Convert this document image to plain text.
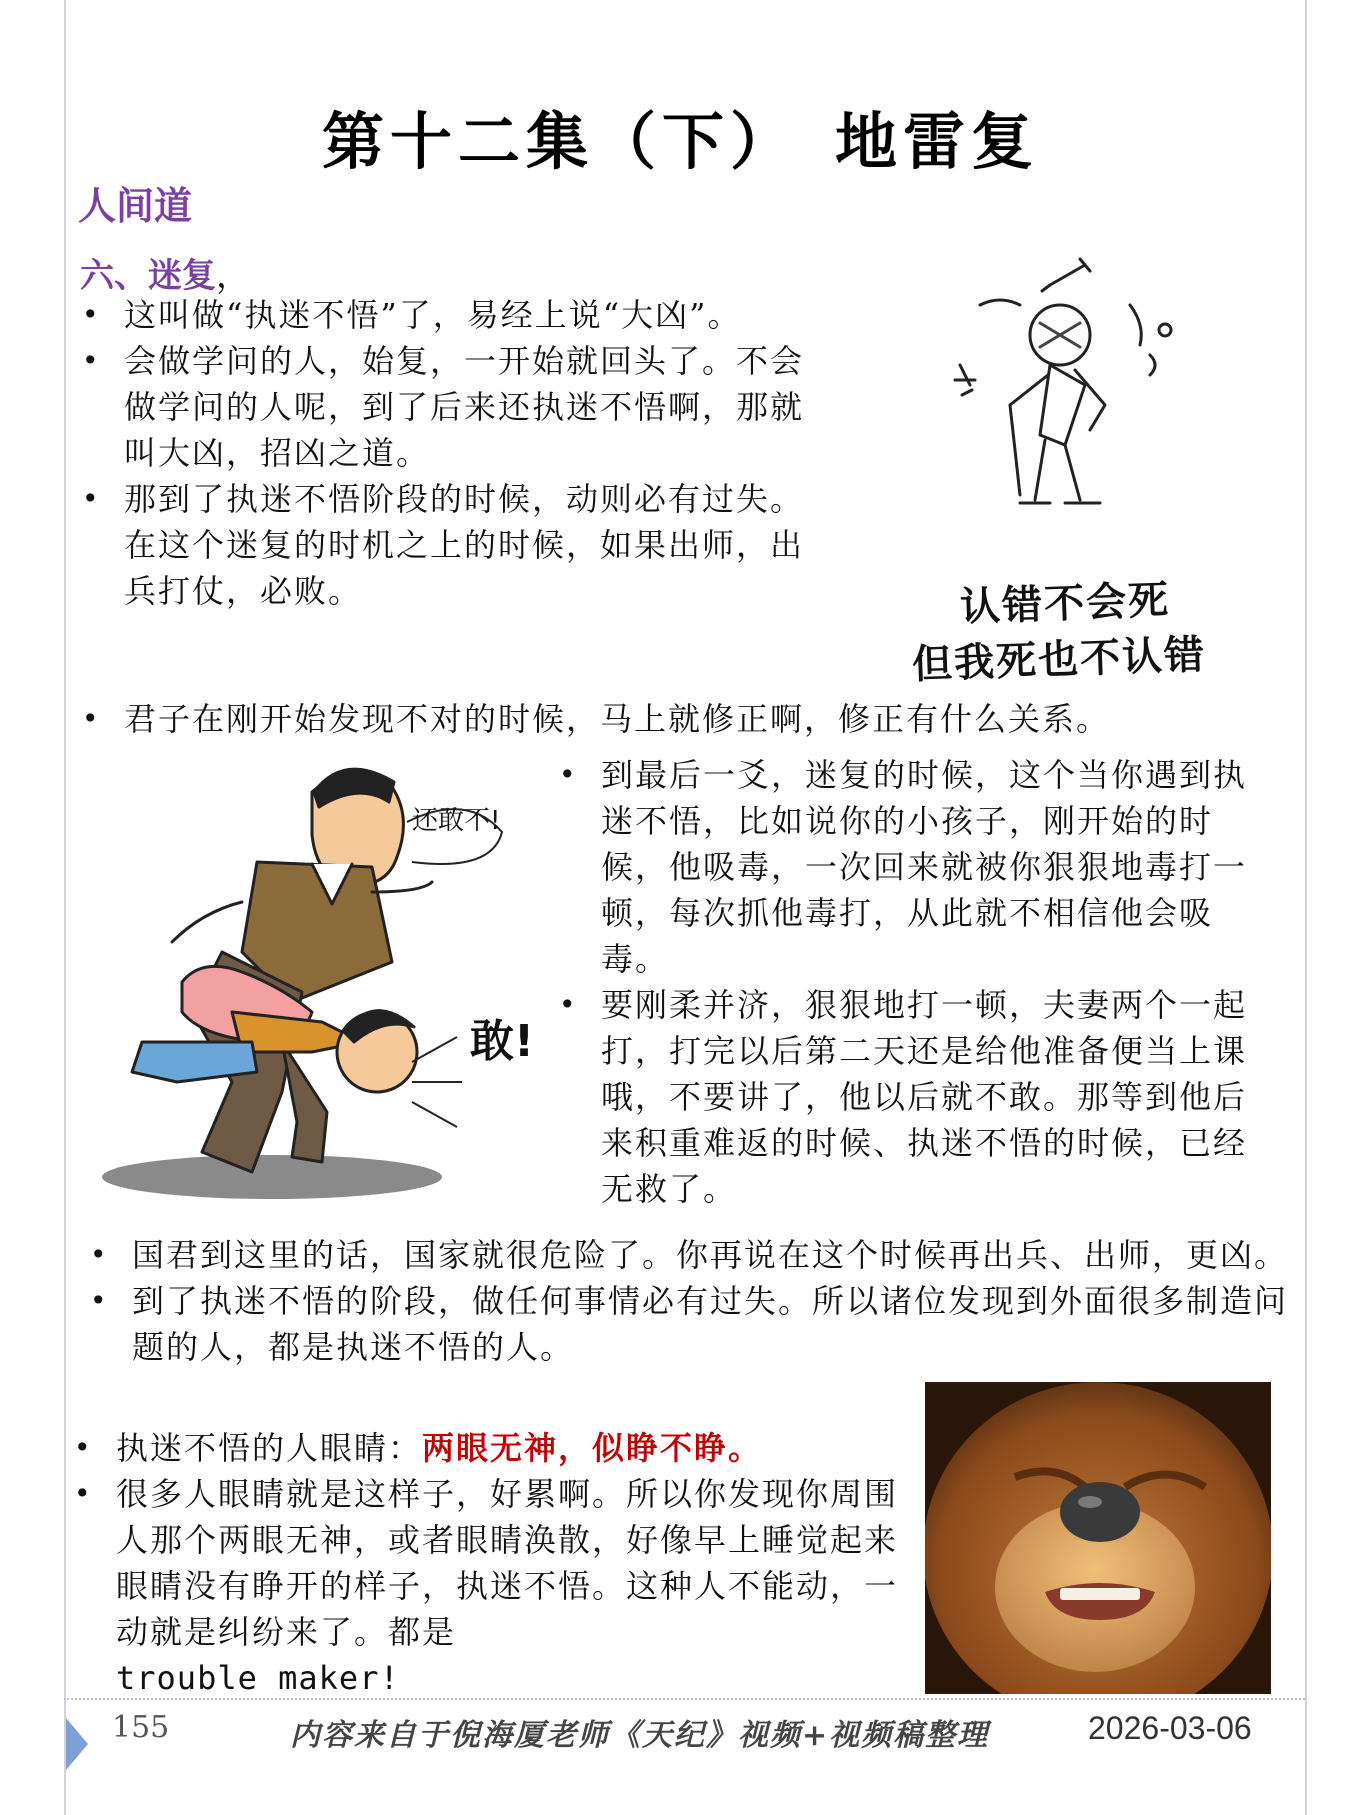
第十二集（下）　地雷复
人间道
六、迷复，
• 这叫做“执迷不悟”了，易经上说“大凶”。
• 会做学问的人，始复，一开始就回头了。不会做学问的人呢，到了后来还执迷不悟啊，那就叫大凶，招凶之道。
• 那到了执迷不悟阶段的时候，动则必有过失。在这个迷复的时机之上的时候，如果出师，出兵打仗，必败。	认错不会死
但我死也不认错
• 君子在刚开始发现不对的时候，马上就修正啊，修正有什么关系。
还敢不!
敢!
• 到最后一爻，迷复的时候，这个当你遇到执迷不悟，比如说你的小孩子，刚开始的时候，他吸毒，一次回来就被你狠狠地毒打一顿，每次抓他毒打，从此就不相信他会吸毒。
• 要刚柔并济，狠狠地打一顿，夫妻两个一起打，打完以后第二天还是给他准备便当上课哦，不要讲了，他以后就不敢。那等到他后来积重难返的时候、执迷不悟的时候，已经无救了。
• 国君到这里的话，国家就很危险了。你再说在这个时候再出兵、出师，更凶。
• 到了执迷不悟的阶段，做任何事情必有过失。所以诸位发现到外面很多制造问题的人，都是执迷不悟的人。
• 执迷不悟的人眼睛：两眼无神，似睁不睁。
• 很多人眼睛就是这样子，好累啊。所以你发现你周围人那个两眼无神，或者眼睛涣散，好像早上睡觉起来眼睛没有睁开的样子，执迷不悟。这种人不能动，一动就是纠纷来了。都是
trouble maker!
155	内容来自于倪海厦老师《天纪》视频+视频稿整理	2026-03-06
